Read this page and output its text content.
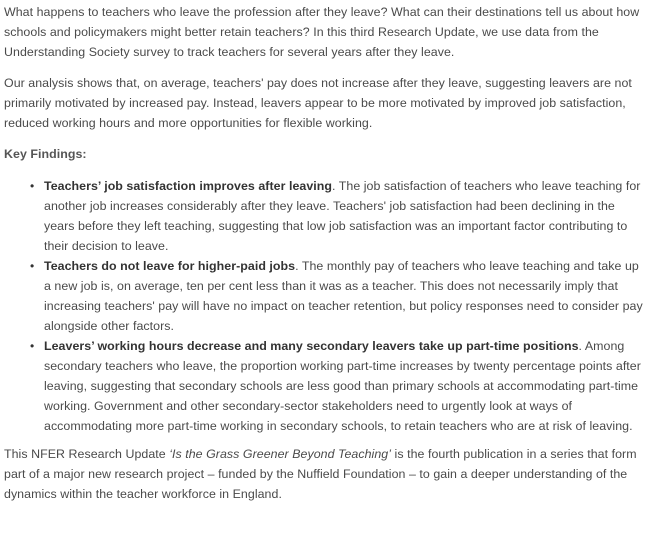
What happens to teachers who leave the profession after they leave? What can their destinations tell us about how schools and policymakers might better retain teachers? In this third Research Update, we use data from the Understanding Society survey to track teachers for several years after they leave.

Our analysis shows that, on average, teachers' pay does not increase after they leave, suggesting leavers are not primarily motivated by increased pay. Instead, leavers appear to be more motivated by improved job satisfaction, reduced working hours and more opportunities for flexible working.

Key Findings:

• Teachers’ job satisfaction improves after leaving. The job satisfaction of teachers who leave teaching for another job increases considerably after they leave. Teachers' job satisfaction had been declining in the years before they left teaching, suggesting that low job satisfaction was an important factor contributing to their decision to leave.
• Teachers do not leave for higher-paid jobs. The monthly pay of teachers who leave teaching and take up a new job is, on average, ten per cent less than it was as a teacher. This does not necessarily imply that increasing teachers' pay will have no impact on teacher retention, but policy responses need to consider pay alongside other factors.
• Leavers’ working hours decrease and many secondary leavers take up part-time positions. Among secondary teachers who leave, the proportion working part-time increases by twenty percentage points after leaving, suggesting that secondary schools are less good than primary schools at accommodating part-time working. Government and other secondary-sector stakeholders need to urgently look at ways of accommodating more part-time working in secondary schools, to retain teachers who are at risk of leaving.

This NFER Research Update ‘Is the Grass Greener Beyond Teaching’ is the fourth publication in a series that form part of a major new research project – funded by the Nuffield Foundation – to gain a deeper understanding of the dynamics within the teacher workforce in England.
